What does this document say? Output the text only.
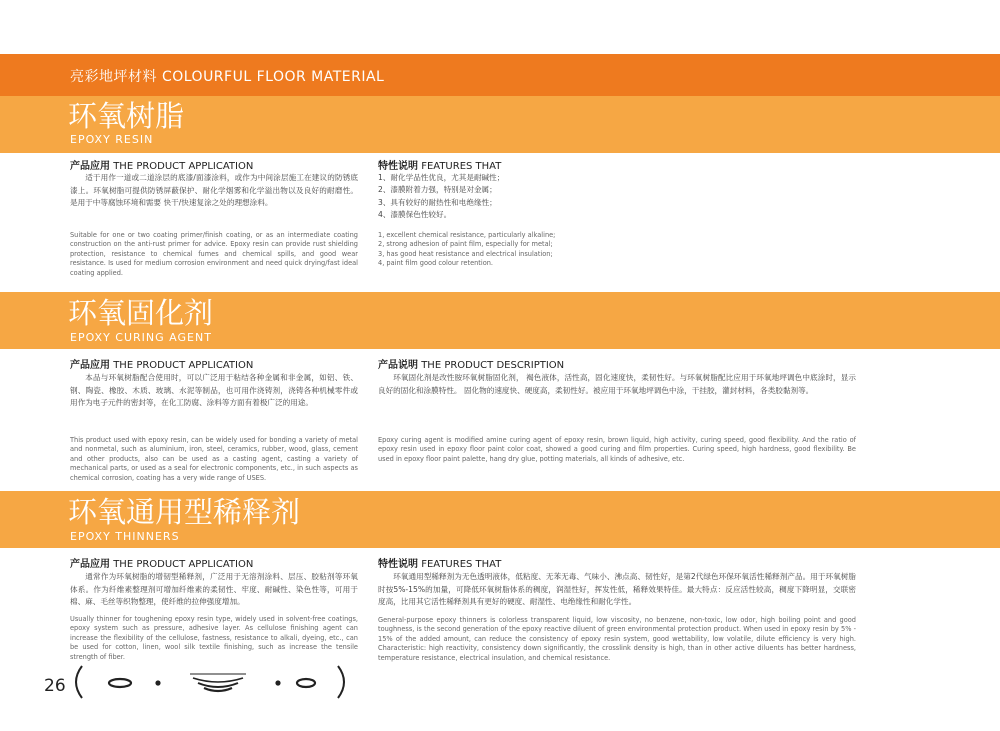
亮彩地坪材料 COLOURFUL FLOOR MATERIAL
环氧树脂
EPOXY RESIN
产品应用 THE PRODUCT APPLICATION
适于用作一道或二道涂层的底漆/面漆涂料，或作为中间涂层施工在建议的防锈底漆上。环氧树脂可提供防锈屏蔽保护、耐化学烟雾和化学溢出物以及良好的耐磨性。是用于中等腐蚀环境和需要 快干/快速复涂之处的理想涂料。
Suitable for one or two coating primer/finish coating, or as an intermediate coating construction on the anti-rust primer for advice. Epoxy resin can provide rust shielding protection, resistance to chemical fumes and chemical spills, and good wear resistance. Is used for medium corrosion environment and need quick drying/fast ideal coating applied.
特性说明 FEATURES THAT
1、耐化学品性优良，尤其是耐碱性；
2、漆膜附着力强，特别是对金属；
3、具有较好的耐热性和电绝缘性；
4、漆膜保色性较好。
1, excellent chemical resistance, particularly alkaline;
2, strong adhesion of paint film, especially for metal;
3, has good heat resistance and electrical insulation;
4, paint film good colour retention.
环氧固化剂
EPOXY CURING AGENT
产品应用 THE PRODUCT APPLICATION
本品与环氧树脂配合使用时，可以广泛用于粘结各种金属和非金属，如铝、铁、钢、陶瓷、橡胶、木质、玻璃、水泥等制品，也可用作浇铸剂，浇铸各种机械零件或用作为电子元件的密封等，在化工防腐、涂料等方面有着极广泛的用途。
This product used with epoxy resin, can be widely used for bonding a variety of metal and nonmetal, such as aluminium, iron, steel, ceramics, rubber, wood, glass, cement and other products, also can be used as a casting agent, casting a variety of mechanical parts, or used as a seal for electronic components, etc., in such aspects as chemical corrosion, coating has a very wide range of USES.
产品说明 THE PRODUCT DESCRIPTION
环氧固化剂是改性胺环氧树脂固化剂， 褐色液体，活性高，固化速度快，柔韧性好。与环氧树脂配比应用于环氧地坪调色中底涂时，显示良好的固化和涂膜特性。 固化物的速度快、硬度高，柔韧性好。被应用于环氧地坪调色中涂，干挂胶，灌封材料，各类胶黏剂等。
Epoxy curing agent is modified amine curing agent of epoxy resin, brown liquid, high activity, curing speed, good flexibility. And the ratio of epoxy resin used in epoxy floor paint color coat, showed a good curing and film properties. Curing speed, high hardness, good flexibility. Be used in epoxy floor paint palette, hang dry glue, potting materials, all kinds of adhesive, etc.
环氧通用型稀释剂
EPOXY THINNERS
产品应用 THE PRODUCT APPLICATION
通常作为环氧树脂的增韧型稀释剂，广泛用于无溶剂涂料、层压、胶粘剂等环氧体系。作为纤维素整理剂可增加纤维素的柔韧性、牢度、耐碱性、染色性等，可用于棉、麻、毛丝等织物整理，使纤维的拉伸强度增加。
Usually thinner for toughening epoxy resin type, widely used in solvent-free coatings, epoxy system such as pressure, adhesive layer. As cellulose finishing agent can increase the flexibility of the cellulose, fastness, resistance to alkali, dyeing, etc., can be used for cotton, linen, wool silk textile finishing, such as increase the tensile strength of fiber.
特性说明 FEATURES THAT
环氧通用型稀释剂为无色透明液体，低粘度、无苯无毒、气味小、沸点高、韧性好，是第2代绿色环保环氧活性稀释剂产品。用于环氧树脂时按5%-15%的加量，可降低环氧树脂体系的稠度，润湿性好，挥发性低，稀释效果特佳。最大特点：反应活性较高，稠度下降明显，交联密度高，比用其它活性稀释剂具有更好的硬度、耐湿性、电绝缘性和耐化学性。
General-purpose epoxy thinners is colorless transparent liquid, low viscosity, no benzene, non-toxic, low odor, high boiling point and good toughness, is the second generation of the epoxy reactive diluent of green environmental protection product. When used in epoxy resin by 5% - 15% of the added amount, can reduce the consistency of epoxy resin system, good wettability, low volatile, dilute efficiency is very high. Characteristic: high reactivity, consistency down significantly, the crosslink density is high, than in other active diluents has better hardness, temperature resistance, electrical insulation, and chemical resistance.
26
